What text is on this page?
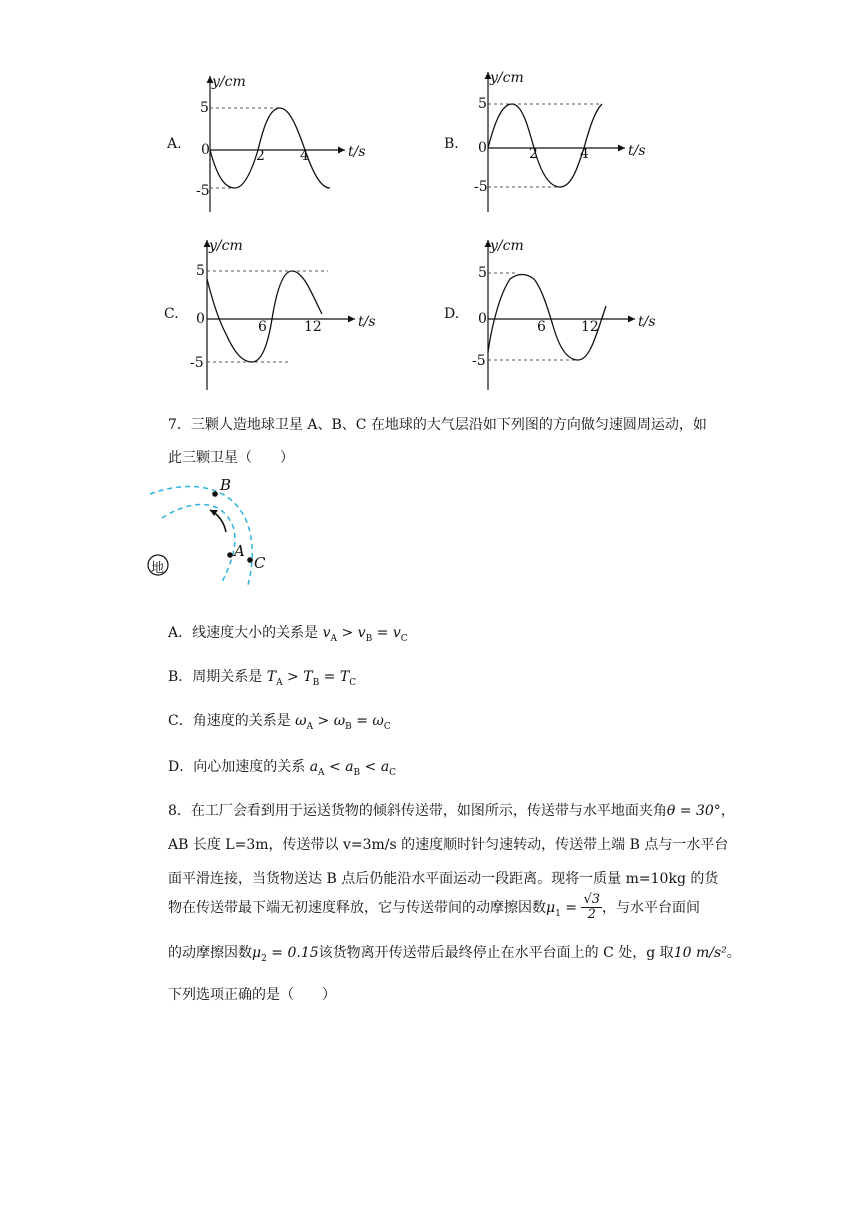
A.
y/cm
t/s
5
-5
0	2	4
B.
y/cm
t/s
5
-5
0	2	4
C.
y/cm
t/s
5
-5
0	6	12
D.
y/cm
t/s
5
-5
0	6	12
7．三颗人造地球卫星 A、B、C 在地球的大气层沿如下列图的方向做匀速圆周运动，如
此三颗卫星（　　）
地
B
A
C
A．线速度大小的关系是 $v_A > v_B = v_C$
B．周期关系是 $T_A > T_B = T_C$
C．角速度的关系是 $\omega_A > \omega_B = \omega_C$
D．向心加速度的关系 $a_A < a_B < a_C$
8．在工厂会看到用于运送货物的倾斜传送带，如图所示，传送带与水平地面夹角θ = 30°，
AB 长度 L=3m，传送带以 v=3m/s 的速度顺时针匀速转动，传送带上端 B 点与一水平台
面平滑连接，当货物送达 B 点后仍能沿水平面运动一段距离。现将一质量 m=10kg 的货
物在传送带最下端无初速度释放，它与传送带间的动摩擦因数$\mu_1 = \frac{√3}{2}$ ，与水平台面间
的动摩擦因数$\mu_2 = 0.15$该货物离开传送带后最终停止在水平台面上的 C 处，g 取10 m/s²。
下列选项正确的是（　　）
